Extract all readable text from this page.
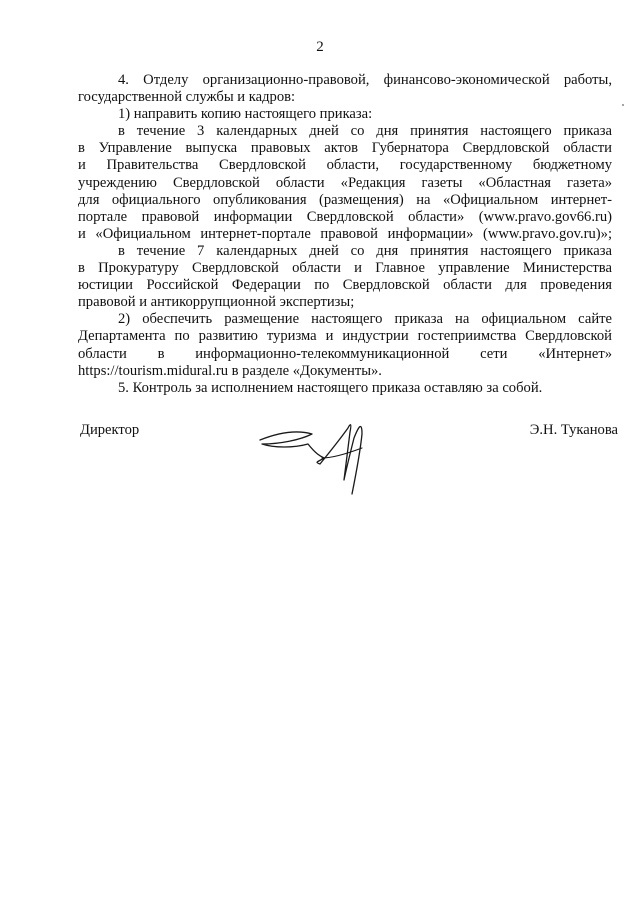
2
4. Отделу организационно-правовой, финансово-экономической работы,
государственной службы и кадров:
1) направить копию настоящего приказа:
в течение 3 календарных дней со дня принятия настоящего приказа
в Управление выпуска правовых актов Губернатора Свердловской области
и Правительства Свердловской области, государственному бюджетному
учреждению Свердловской области «Редакция газеты «Областная газета»
для официального опубликования (размещения) на «Официальном интернет-
портале правовой информации Свердловской области» (www.pravo.gov66.ru)
и «Официальном интернет-портале правовой информации» (www.pravo.gov.ru)»;
в течение 7 календарных дней со дня принятия настоящего приказа
в Прокуратуру Свердловской области и Главное управление Министерства
юстиции Российской Федерации по Свердловской области для проведения
правовой и антикоррупционной экспертизы;
2) обеспечить размещение настоящего приказа на официальном сайте
Департамента по развитию туризма и индустрии гостеприимства Свердловской
области в информационно-телекоммуникационной сети «Интернет»
https://tourism.midural.ru в разделе «Документы».
5. Контроль за исполнением настоящего приказа оставляю за собой.
Директор	Э.Н. Туканова
